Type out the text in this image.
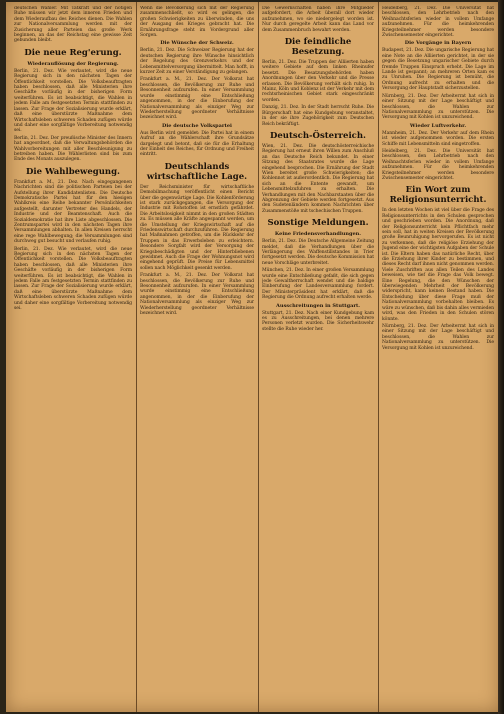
deutschen Wähler. Mit Tatkraft und der nötigen Ruhe müssen wir jetzt dem inneren Frieden und dem Wiederaufbau des Reiches dienen. Die Wahlen zur Nationalversammlung werden mit der Zusicherung aller Parteien das große Werk beginnen, an das der Reichstag eine gewisse Zeit gebunden bleibt.

Die neue Reg'erung.
Wiederauflösung der Regierung.

Berlin, 21. Dez. Wie verlautet, wird die neue Regierung sich in den nächsten Tagen der Öffentlichkeit vorstellen. Die Volksbeauftragten haben beschlossen, daß alle Ministerien ihre Geschäfte vorläufig in der bisherigen Form weiterführen. Es ist beabsichtigt, die Wahlen in jedem Falle am festgesetzten Termin stattfinden zu lassen. Zur Frage der Sozialisierung wurde erklärt, daß eine überstürzte Maßnahme dem Wirtschaftsleben schweren Schaden zufügen würde und daher eine sorgfältige Vorbereitung notwendig sei.

Berlin, 21. Dez. Der preußische Minister des Innern hat angeordnet, daß die Verwaltungsbehörden die Wahlvorbereitungen mit aller Beschleunigung zu betreiben haben. Die Wählerlisten sind bis zum Ende des Monats auszulegen.

Die Wahlbewegung.

Frankfurt a. M., 21. Dez. Nach eingegangenen Nachrichten sind die politischen Parteien bei der Aufstellung ihrer Kandidatenlisten. Die Deutsche Demokratische Partei hat für den hiesigen Wahlkreis eine Reihe bekannter Persönlichkeiten aufgestellt, darunter Vertreter des Handels, der Industrie und der Beamtenschaft. Auch die Sozialdemokratie hat ihre Liste abgeschlossen. Die Zentrumspartei wird in den nächsten Tagen ihre Versammlungen abhalten. In allen Kreisen herrscht eine rege Wahlbewegung; die Versammlungen sind durchweg gut besucht und verlaufen ruhig.

Berlin, 21. Dez. Wie verlautet, wird die neue Regierung sich in den nächsten Tagen der Öffentlichkeit vorstellen. Die Volksbeauftragten haben beschlossen, daß alle Ministerien ihre Geschäfte vorläufig in der bisherigen Form weiterführen. Es ist beabsichtigt, die Wahlen in jedem Falle am festgesetzten Termin stattfinden zu lassen. Zur Frage der Sozialisierung wurde erklärt, daß eine überstürzte Maßnahme dem Wirtschaftsleben schweren Schaden zufügen würde und daher eine sorgfältige Vorbereitung notwendig sei.

Wenn die Bevölkerung sich mit der Regierung zusammenschließt, so wird es gelingen, die großen Schwierigkeiten zu überwinden, die uns der Ausgang des Krieges gebracht hat. Die Ernährungsfrage steht im Vordergrund aller Sorgen.

Die Wünsche der Schweiz.

Berlin, 21. Dez. Die Schweizer Regierung hat der deutschen Regierung ihre Wünsche hinsichtlich der Regelung des Grenzverkehrs und der Lebensmittelversorgung übermittelt. Man hofft, in kurzer Zeit zu einer Verständigung zu gelangen.

Frankfurt a. M., 21. Dez. Der Volksrat hat beschlossen, die Bevölkerung zur Ruhe und Besonnenheit aufzurufen. In einer Versammlung wurde einstimmig eine Entschließung angenommen, in der die Einberufung der Nationalversammlung als einziger Weg zur Wiederherstellung geordneter Verhältnisse bezeichnet wird.

Die deutsche Volkspartei

Aus Berlin wird gemeldet: Die Partei hat in einem Aufruf an die Wählerschaft ihre Grundsätze dargelegt und betont, daß sie für die Erhaltung der Einheit des Reiches, für Ordnung und Freiheit eintritt.

Deutschlands wirtschaftliche Lage.

Der Reichsminister für wirtschaftliche Demobilmachung veröffentlicht einen Bericht über die gegenwärtige Lage. Die Kohlenförderung ist stark zurückgegangen, die Versorgung der Industrie mit Rohstoffen ist ernstlich gefährdet. Die Arbeitslosigkeit nimmt in den großen Städten zu. Es müssen alle Kräfte angespannt werden, um die Umstellung der Kriegswirtschaft auf die Friedenswirtschaft durchzuführen. Die Regierung hat Maßnahmen getroffen, um die Rückkehr der Truppen in das Erwerbsleben zu erleichtern. Besondere Sorgfalt wird der Versorgung der Kriegsbeschädigten und der Hinterbliebenen gewidmet. Auch die Frage der Wohnungsnot wird eingehend geprüft. Die Preise für Lebensmittel sollen nach Möglichkeit gesenkt werden.

Frankfurt a. M., 21. Dez. Der Volksrat hat beschlossen, die Bevölkerung zur Ruhe und Besonnenheit aufzurufen. In einer Versammlung wurde einstimmig eine Entschließung angenommen, in der die Einberufung der Nationalversammlung als einziger Weg zur Wiederherstellung geordneter Verhältnisse bezeichnet wird.

Die Gewerkschaften haben ihre Mitglieder aufgefordert, die Arbeit überall dort wieder aufzunehmen, wo sie niedergelegt worden ist. Nur durch geregelte Arbeit kann das Land vor dem Zusammenbruch bewahrt werden.

Die feindliche Besetzung.

Berlin, 21. Dez. Die Truppen der Alliierten haben weitere Gebiete auf dem linken Rheinufer besetzt. Die Besatzungsbehörden haben Anordnungen über den Verkehr und die Presse erlassen. Die Bevölkerung verhält sich ruhig. In Mainz, Köln und Koblenz ist der Verkehr mit dem rechtsrheinischen Gebiet stark eingeschränkt worden.

Danzig, 21. Dez. In der Stadt herrscht Ruhe. Die Bürgerschaft hat eine Kundgebung veranstaltet, in der sie ihre Zugehörigkeit zum Deutschen Reich bekräftigt.

Deutsch-Österreich.

Wien, 21. Dez. Die deutschösterreichische Regierung hat erneut ihren Willen zum Anschluß an das Deutsche Reich bekundet. In einer Sitzung des Staatsrates wurde die Lage eingehend besprochen. Die Ernährung der Stadt Wien bereitet große Schwierigkeiten; die Kohlennot ist außerordentlich. Die Regierung hat sich an die Entente gewandt, um Lebensmittelzufuhren zu erhalten. Die Verhandlungen mit den Nachbarstaaten über die Abgrenzung der Gebiete werden fortgesetzt. Aus den Sudetenländern kommen Nachrichten über Zusammenstöße mit tschechischen Truppen.

Sonstige Meldungen.
Keine Friedensverhandlungen.

Berlin, 21. Dez. Die Deutsche Allgemeine Zeitung meldet, daß die Verhandlungen über die Verlängerung des Waffenstillstandes in Trier fortgesetzt werden. Die deutsche Kommission hat neue Vorschläge unterbreitet.

München, 21. Dez. In einer großen Versammlung wurde eine Entschließung gefaßt, die sich gegen jede Gewaltherrschaft wendet und die baldige Einberufung der Landesversammlung fordert. Der Ministerpräsident hat erklärt, daß die Regierung die Ordnung aufrecht erhalten werde.

Ausschreitungen in Stuttgart.

Stuttgart, 21. Dez. Nach einer Kundgebung kam es zu Ausschreitungen, bei denen mehrere Personen verletzt wurden. Die Sicherheitswehr stellte die Ruhe wieder her.

Heidelberg, 21. Dez. Die Universität hat beschlossen, den Lehrbetrieb nach den Weihnachtsferien wieder in vollem Umfange aufzunehmen. Für die heimkehrenden Kriegsteilnehmer werden besondere Zwischensemester eingerichtet.

Die Vorgänge in Bayern

Budapest, 21. Dez. Die ungarische Regierung hat eine Note an die Alliierten gerichtet, in der sie gegen die Besetzung ungarischer Gebiete durch fremde Truppen Einspruch erhebt. Die Lage im Lande ist gespannt; an mehreren Orten kam es zu Unruhen. Die Regierung ist bemüht, die Ordnung aufrecht zu erhalten und die Versorgung der Hauptstadt sicherzustellen.

Nürnberg, 21. Dez. Der Arbeiterrat hat sich in einer Sitzung mit der Lage beschäftigt und beschlossen, die Wahlen zur Nationalversammlung zu unterstützen. Die Versorgung mit Kohlen ist unzureichend.

Wieder Luftverkehr.

Mannheim, 21. Dez. Der Verkehr auf dem Rhein ist wieder aufgenommen worden. Die ersten Schiffe mit Lebensmitteln sind eingetroffen.

Heidelberg, 21. Dez. Die Universität hat beschlossen, den Lehrbetrieb nach den Weihnachtsferien wieder in vollem Umfange aufzunehmen. Für die heimkehrenden Kriegsteilnehmer werden besondere Zwischensemester eingerichtet.

Ein Wort zum Religionsunterricht.

In den letzten Wochen ist viel über die Frage des Religionsunterrichts in den Schulen gesprochen und geschrieben worden. Die Anordnung, daß der Religionsunterricht kein Pflichtfach mehr sein soll, hat in weiten Kreisen der Bevölkerung große Beunruhigung hervorgerufen. Es ist nicht zu verkennen, daß die religiöse Erziehung der Jugend eine der wichtigsten Aufgaben der Schule ist. Die Eltern haben das natürliche Recht, über die Erziehung ihrer Kinder zu bestimmen, und dieses Recht darf ihnen nicht genommen werden. Viele Zuschriften aus allen Teilen des Landes beweisen, wie tief die Frage das Volk bewegt. Eine Regelung, die den Wünschen der überwiegenden Mehrheit der Bevölkerung widerspricht, kann keinen Bestand haben. Die Entscheidung über diese Frage muß der Nationalversammlung vorbehalten bleiben. Es wäre zu wünschen, daß bis dahin alles vermieden wird, was den Frieden in den Schulen stören könnte.

Nürnberg, 21. Dez. Der Arbeiterrat hat sich in einer Sitzung mit der Lage beschäftigt und beschlossen, die Wahlen zur Nationalversammlung zu unterstützen. Die Versorgung mit Kohlen ist unzureichend.
